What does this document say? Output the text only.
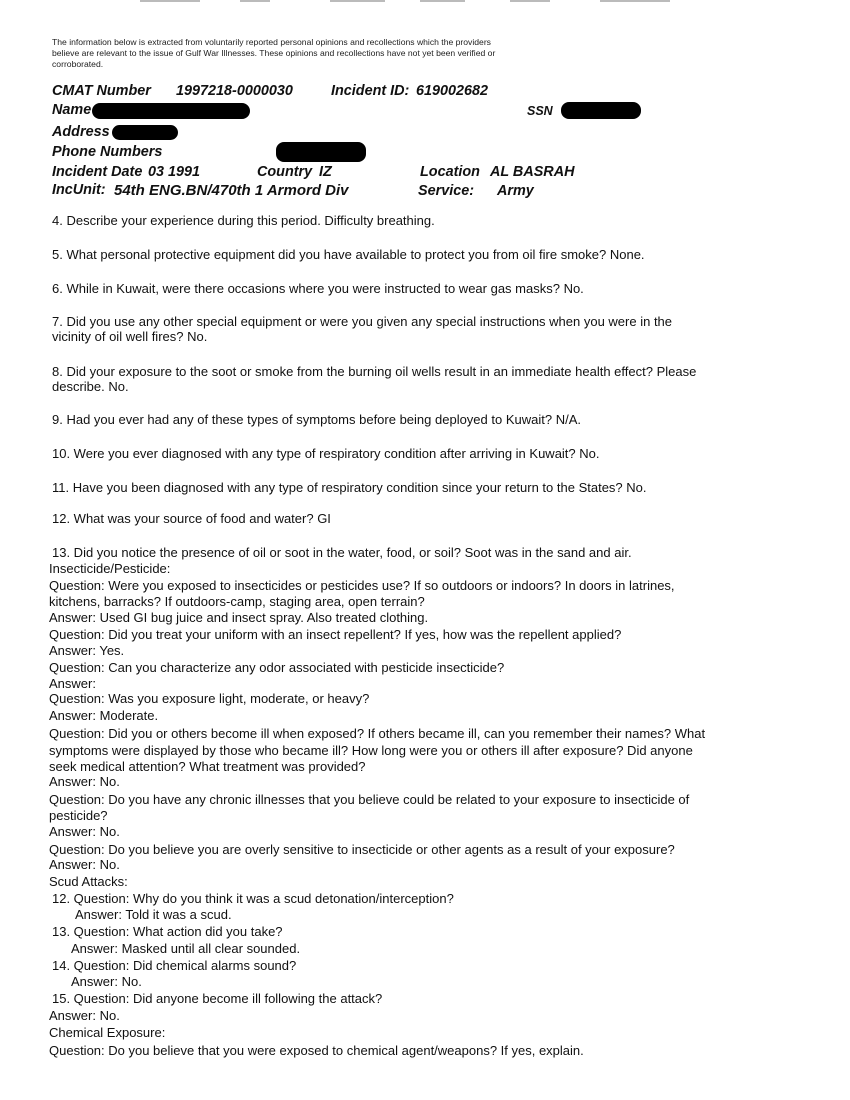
The information below is extracted from voluntarily reported personal opinions and recollections which the providers
believe are relevant to the issue of Gulf War Illnesses. These opinions and recollections have not yet been verified or
corroborated.
CMAT Number 1997218-0000030	Incident ID: 619002682
Name	SSN
Address
Phone Numbers
Incident Date 03 1991	Country IZ	Location AL BASRAH
IncUnit: 54th ENG.BN/470th 1 Armord Div	Service: Army
4. Describe your experience during this period. Difficulty breathing.
5. What personal protective equipment did you have available to protect you from oil fire smoke? None.
6. While in Kuwait, were there occasions where you were instructed to wear gas masks? No.
7. Did you use any other special equipment or were you given any special instructions when you were in the
vicinity of oil well fires? No.
8. Did your exposure to the soot or smoke from the burning oil wells result in an immediate health effect? Please
describe. No.
9. Had you ever had any of these types of symptoms before being deployed to Kuwait? N/A.
10. Were you ever diagnosed with any type of respiratory condition after arriving in Kuwait? No.
11. Have you been diagnosed with any type of respiratory condition since your return to the States? No.
12. What was your source of food and water? GI
13. Did you notice the presence of oil or soot in the water, food, or soil? Soot was in the sand and air.
Insecticide/Pesticide:
Question: Were you exposed to insecticides or pesticides use? If so outdoors or indoors? In doors in latrines,
kitchens, barracks? If outdoors-camp, staging area, open terrain?
Answer: Used GI bug juice and insect spray. Also treated clothing.
Question: Did you treat your uniform with an insect repellent? If yes, how was the repellent applied?
Answer: Yes.
Question: Can you characterize any odor associated with pesticide insecticide?
Answer:
Question: Was you exposure light, moderate, or heavy?
Answer: Moderate.
Question: Did you or others become ill when exposed? If others became ill, can you remember their names? What
symptoms were displayed by those who became ill? How long were you or others ill after exposure? Did anyone
seek medical attention? What treatment was provided?
Answer: No.
Question: Do you have any chronic illnesses that you believe could be related to your exposure to insecticide of
pesticide?
Answer: No.
Question: Do you believe you are overly sensitive to insecticide or other agents as a result of your exposure?
Answer: No.
Scud Attacks:
12. Question: Why do you think it was a scud detonation/interception?
Answer: Told it was a scud.
13. Question: What action did you take?
Answer: Masked until all clear sounded.
14. Question: Did chemical alarms sound?
Answer: No.
15. Question: Did anyone become ill following the attack?
Answer: No.
Chemical Exposure:
Question: Do you believe that you were exposed to chemical agent/weapons? If yes, explain.
